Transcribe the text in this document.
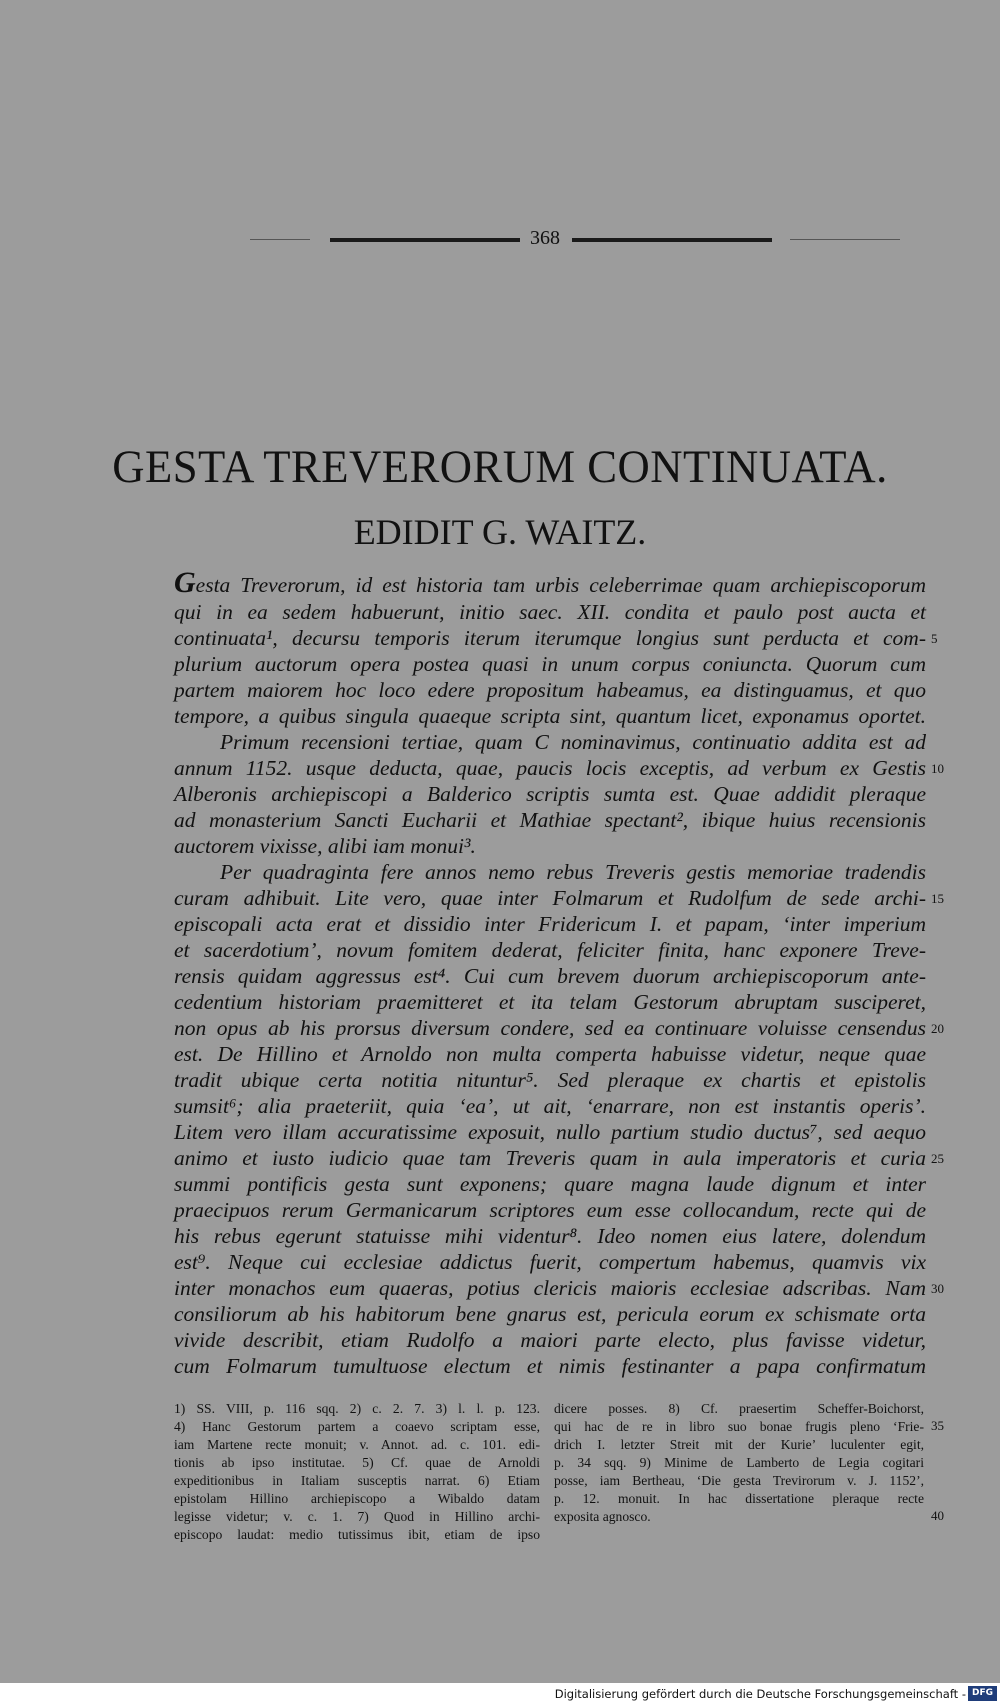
368
GESTA TREVERORUM CONTINUATA.
EDIDIT G. WAITZ.
Gesta Treverorum, id est historia tam urbis celeberrimae quam archiepiscoporum
qui in ea sedem habuerunt, initio saec. XII. condita et paulo post aucta et
continuata¹, decursu temporis iterum iterumque longius sunt perducta et com-
plurium auctorum opera postea quasi in unum corpus coniuncta. Quorum cum
partem maiorem hoc loco edere propositum habeamus, ea distinguamus, et quo
tempore, a quibus singula quaeque scripta sint, quantum licet, exponamus oportet.
Primum recensioni tertiae, quam C nominavimus, continuatio addita est ad
annum 1152. usque deducta, quae, paucis locis exceptis, ad verbum ex Gestis
Alberonis archiepiscopi a Balderico scriptis sumta est. Quae addidit pleraque
ad monasterium Sancti Eucharii et Mathiae spectant², ibique huius recensionis
auctorem vixisse, alibi iam monui³.
Per quadraginta fere annos nemo rebus Treveris gestis memoriae tradendis
curam adhibuit. Lite vero, quae inter Folmarum et Rudolfum de sede archi-
episcopali acta erat et dissidio inter Fridericum I. et papam, ‘inter imperium
et sacerdotium’, novum fomitem dederat, feliciter finita, hanc exponere Treve-
rensis quidam aggressus est⁴. Cui cum brevem duorum archiepiscoporum ante-
cedentium historiam praemitteret et ita telam Gestorum abruptam susciperet,
non opus ab his prorsus diversum condere, sed ea continuare voluisse censendus
est. De Hillino et Arnoldo non multa comperta habuisse videtur, neque quae
tradit ubique certa notitia nituntur⁵. Sed pleraque ex chartis et epistolis
sumsit⁶; alia praeteriit, quia ‘ea’, ut ait, ‘enarrare, non est instantis operis’.
Litem vero illam accuratissime exposuit, nullo partium studio ductus⁷, sed aequo
animo et iusto iudicio quae tam Treveris quam in aula imperatoris et curia
summi pontificis gesta sunt exponens; quare magna laude dignum et inter
praecipuos rerum Germanicarum scriptores eum esse collocandum, recte qui de
his rebus egerunt statuisse mihi videntur⁸. Ideo nomen eius latere, dolendum
est⁹. Neque cui ecclesiae addictus fuerit, compertum habemus, quamvis vix
inter monachos eum quaeras, potius clericis maioris ecclesiae adscribas. Nam
consiliorum ab his habitorum bene gnarus est, pericula eorum ex schismate orta
vivide describit, etiam Rudolfo a maiori parte electo, plus favisse videtur,
cum Folmarum tumultuose electum et nimis festinanter a papa confirmatum
5
10
15
20
25
30
1) SS. VIII, p. 116 sqq. 2) c. 2. 7. 3) l. l. p. 123.
4) Hanc Gestorum partem a coaevo scriptam esse,
iam Martene recte monuit; v. Annot. ad. c. 101. edi-
tionis ab ipso institutae. 5) Cf. quae de Arnoldi
expeditionibus in Italiam susceptis narrat. 6) Etiam
epistolam Hillino archiepiscopo a Wibaldo datam
legisse videtur; v. c. 1. 7) Quod in Hillino archi-
episcopo laudat: medio tutissimus ibit, etiam de ipso
dicere posses. 8) Cf. praesertim Scheffer-Boichorst,
qui hac de re in libro suo bonae frugis pleno ‘Frie-
drich I. letzter Streit mit der Kurie’ luculenter egit,
p. 34 sqq. 9) Minime de Lamberto de Legia cogitari
posse, iam Bertheau, ‘Die gesta Trevirorum v. J. 1152’,
p. 12. monuit. In hac dissertatione pleraque recte
exposita agnosco.
35
40
Digitalisierung gefördert durch die Deutsche Forschungsgemeinschaft - DFG
